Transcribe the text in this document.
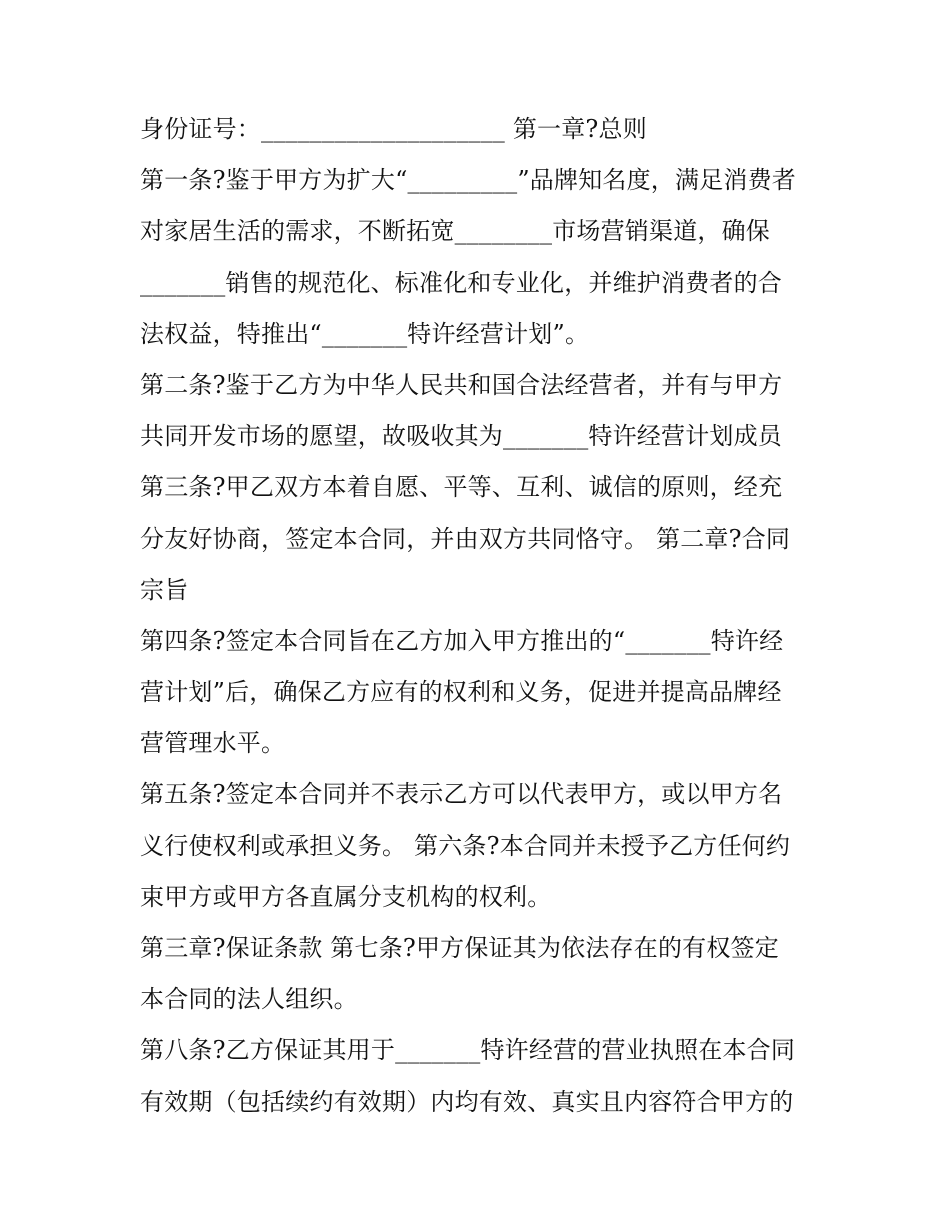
身份证号：____________________ 第一章?总则
第一条?鉴于甲方为扩大“_________”品牌知名度，满足消费者
对家居生活的需求，不断拓宽________市场营销渠道，确保
_______销售的规范化、标准化和专业化，并维护消费者的合
法权益，特推出“_______特许经营计划”。
第二条?鉴于乙方为中华人民共和国合法经营者，并有与甲方
共同开发市场的愿望，故吸收其为_______特许经营计划成员
第三条?甲乙双方本着自愿、平等、互利、诚信的原则，经充
分友好协商，签定本合同，并由双方共同恪守。 第二章?合同
宗旨
第四条?签定本合同旨在乙方加入甲方推出的“_______特许经
营计划”后，确保乙方应有的权利和义务，促进并提高品牌经
营管理水平。
第五条?签定本合同并不表示乙方可以代表甲方，或以甲方名
义行使权利或承担义务。 第六条?本合同并未授予乙方任何约
束甲方或甲方各直属分支机构的权利。
第三章?保证条款 第七条?甲方保证其为依法存在的有权签定
本合同的法人组织。
第八条?乙方保证其用于_______特许经营的营业执照在本合同
有效期（包括续约有效期）内均有效、真实且内容符合甲方的
